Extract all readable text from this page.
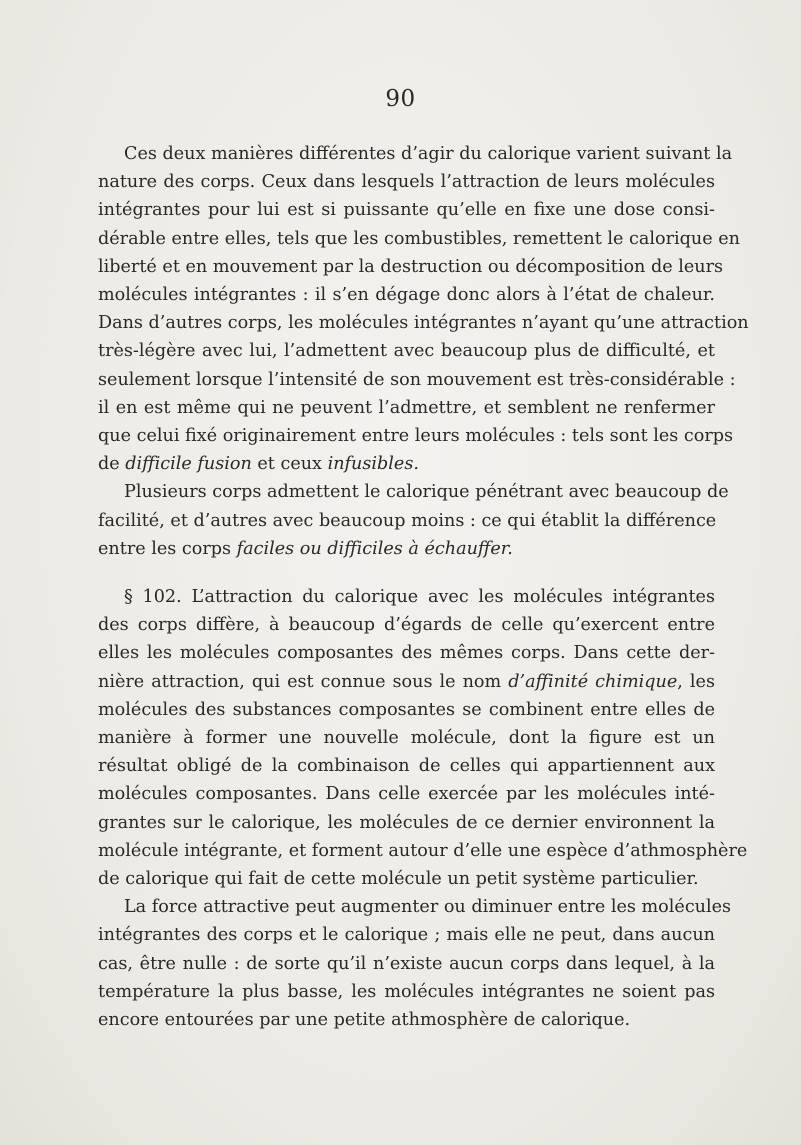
90
Ces deux manières différentes d’agir du calorique varient suivant la
nature des corps. Ceux dans lesquels l’attraction de leurs molécules
intégrantes pour lui est si puissante qu’elle en fixe une dose consi-
dérable entre elles, tels que les combustibles, remettent le calorique en
liberté et en mouvement par la destruction ou décomposition de leurs
molécules intégrantes : il s’en dégage donc alors à l’état de chaleur.
Dans d’autres corps, les molécules intégrantes n’ayant qu’une attraction
très-légère avec lui, l’admettent avec beaucoup plus de difficulté, et
seulement lorsque l’intensité de son mouvement est très-considérable :
il en est même qui ne peuvent l’admettre, et semblent ne renfermer
que celui fixé originairement entre leurs molécules : tels sont les corps
de difficile fusion et ceux infusibles.
Plusieurs corps admettent le calorique pénétrant avec beaucoup de
facilité, et d’autres avec beaucoup moins : ce qui établit la différence
entre les corps faciles ou difficiles à échauffer.
§ 102. L’attraction du calorique avec les molécules intégrantes
des corps diffère, à beaucoup d’égards de celle qu’exercent entre
elles les molécules composantes des mêmes corps. Dans cette der-
nière attraction, qui est connue sous le nom d’affinité chimique, les
molécules des substances composantes se combinent entre elles de
manière à former une nouvelle molécule, dont la figure est un
résultat obligé de la combinaison de celles qui appartiennent aux
molécules composantes. Dans celle exercée par les molécules inté-
grantes sur le calorique, les molécules de ce dernier environnent la
molécule intégrante, et forment autour d’elle une espèce d’athmosphère
de calorique qui fait de cette molécule un petit système particulier.
La force attractive peut augmenter ou diminuer entre les molécules
intégrantes des corps et le calorique ; mais elle ne peut, dans aucun
cas, être nulle : de sorte qu’il n’existe aucun corps dans lequel, à la
température la plus basse, les molécules intégrantes ne soient pas
encore entourées par une petite athmosphère de calorique.
